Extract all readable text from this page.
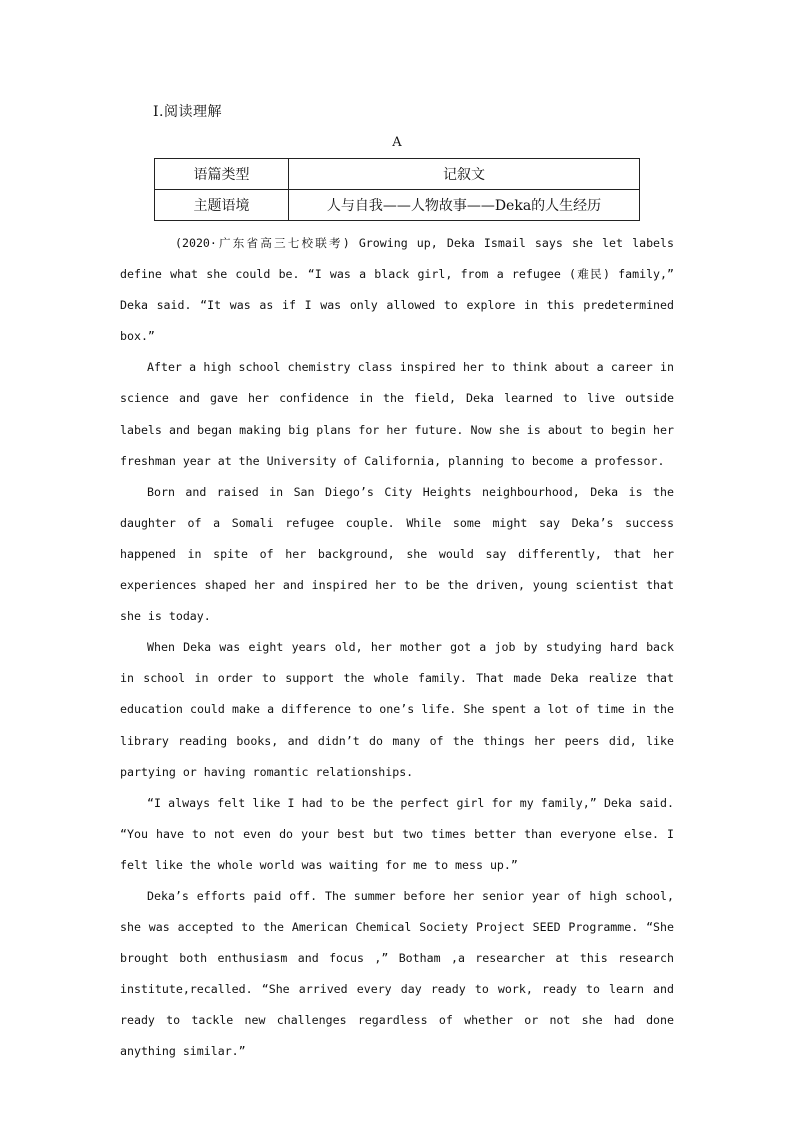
Ⅰ.阅读理解
A
语篇类型	记叙文
主题语境	人与自我——人物故事——Deka的人生经历

(2020·广东省高三七校联考) Growing up, Deka Ismail says she let labels define what she could be. “I was a black girl, from a refugee (难民) family,” Deka said. “It was as if I was only allowed to explore in this predetermined box.”

After a high school chemistry class inspired her to think about a career in science and gave her confidence in the field, Deka learned to live outside labels and began making big plans for her future. Now she is about to begin her freshman year at the University of California, planning to become a professor.

Born and raised in San Diego’s City Heights neighbourhood, Deka is the daughter of a Somali refugee couple. While some might say Deka’s success happened in spite of her background, she would say differently, that her experiences shaped her and inspired her to be the driven, young scientist that she is today.

When Deka was eight years old, her mother got a job by studying hard back in school in order to support the whole family. That made Deka realize that education could make a difference to one’s life. She spent a lot of time in the library reading books, and didn’t do many of the things her peers did, like partying or having romantic relationships.

“I always felt like I had to be the perfect girl for my family,” Deka said. “You have to not even do your best but two times better than everyone else. I felt like the whole world was waiting for me to mess up.”

Deka’s efforts paid off. The summer before her senior year of high school, she was accepted to the American Chemical Society Project SEED Programme. “She brought both enthusiasm and focus ,” Botham ,a researcher at this research institute,recalled. “She arrived every day ready to work, ready to learn and ready to tackle new challenges regardless of whether or not she had done anything similar.”
